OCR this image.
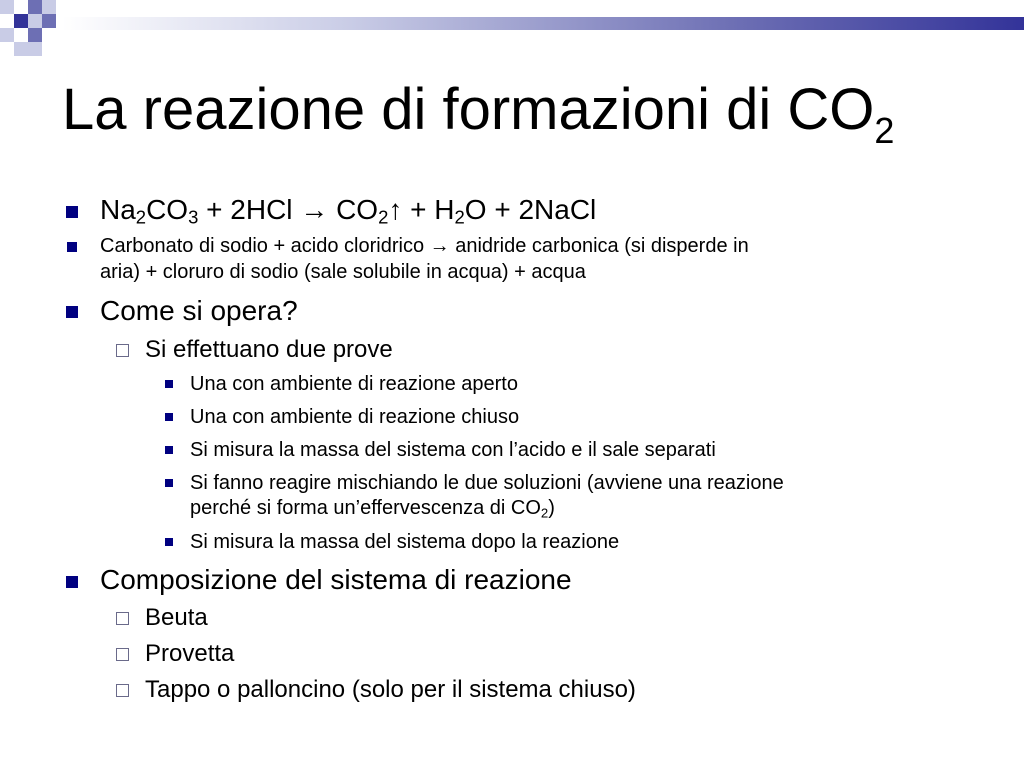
La reazione di formazioni di $CO_2$
$Na_2CO_3 + 2HCl$ → $CO_2↑ + H_2O$ + 2NaCl
Carbonato di sodio + acido cloridrico → anidride carbonica (si disperde in
aria) + cloruro di sodio (sale solubile in acqua) + acqua
Come si opera?
Si effettuano due prove
Una con ambiente di reazione aperto
Una con ambiente di reazione chiuso
Si misura la massa del sistema con l’acido e il sale separati
Si fanno reagire mischiando le due soluzioni (avviene una reazione
perché si forma un’effervescenza di $CO_2$)
Si misura la massa del sistema dopo la reazione
Composizione del sistema di reazione
Beuta
Provetta
Tappo o palloncino (solo per il sistema chiuso)
